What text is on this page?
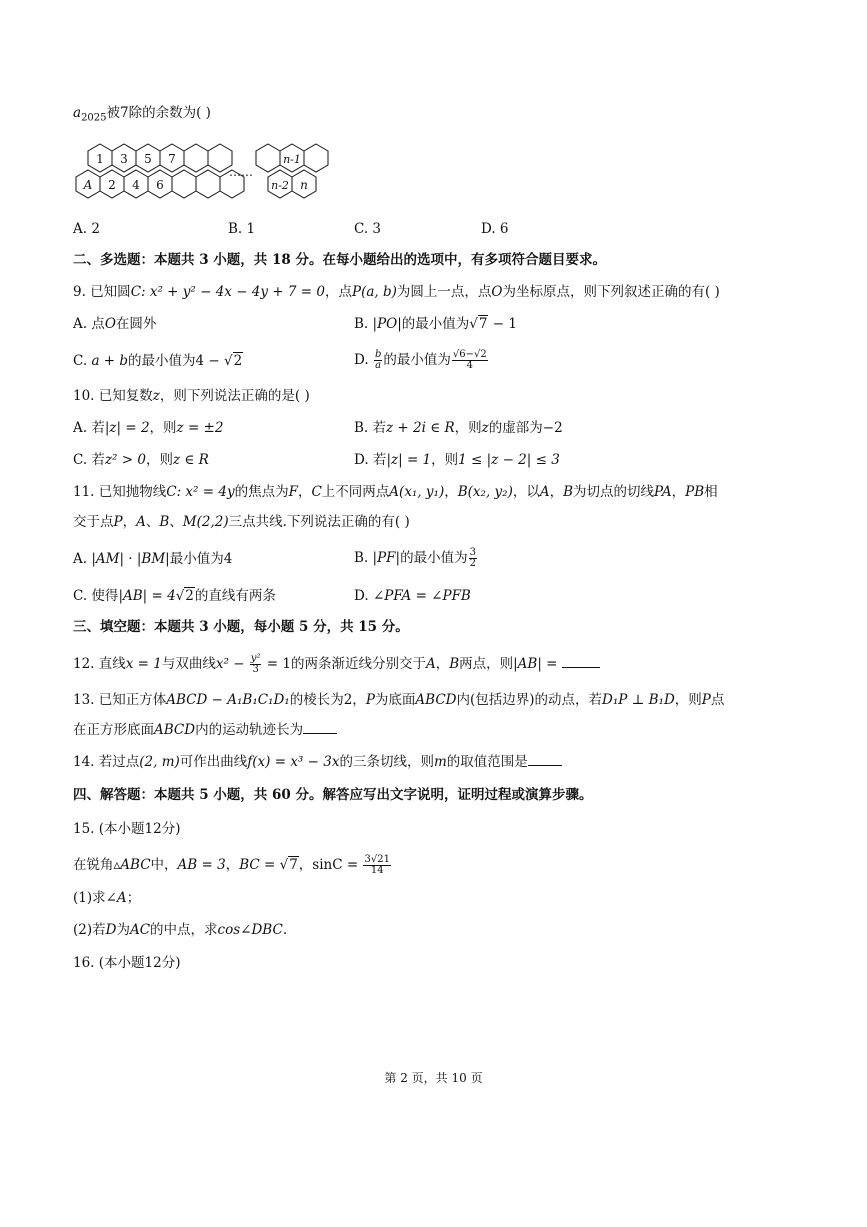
$a_{2025}$被7除的余数为( )
1 3 5 7
A 2 4 6
……
n-1
n-2 n
A. 2	B. 1	C. 3	D. 6
二、多选题：本题共 3 小题，共 18 分。在每小题给出的选项中，有多项符合题目要求。
9. 已知圆C: x² + y² − 4x − 4y + 7 = 0，点P(a, b)为圆上一点，点O为坐标原点，则下列叙述正确的有( )
A. 点O在圆外	B. |PO|的最小值为√7 − 1
C. a + b的最小值为4 − √2	D. $\frac{b}{a}$ 的最小值为 $\frac{√6-√2}{4}$
10. 已知复数z，则下列说法正确的是( )
A. 若|z| = 2，则z = ±2	B. 若z + 2i ∈ R，则z的虚部为−2
C. 若z² > 0，则z ∈ R	D. 若|z| = 1，则1 ≤ |z − 2| ≤ 3
11. 已知抛物线C: x² = 4y的焦点为F，C上不同两点A(x₁, y₁)，B(x₂, y₂)，以A，B为切点的切线PA，PB相
交于点P，A、B、M(2,2)三点共线.下列说法正确的有( )
A. |AM| · |BM|最小值为4	B. |PF|的最小值为 $\frac{3}{2}$
C. 使得|AB| = 4√2的直线有两条	D. ∠PFA = ∠PFB
三、填空题：本题共 3 小题，每小题 5 分，共 15 分。
12. 直线x = 1与双曲线$x^2 - \frac{\text{y²}}{3} = 1$的两条渐近线分别交于A，B两点，则|AB| =
13. 已知正方体ABCD − A₁B₁C₁D₁的棱长为2，P为底面ABCD内(包括边界)的动点，若D₁P ⊥ B₁D，则P点
在正方形底面ABCD内的运动轨迹长为
14. 若过点(2, m)可作出曲线f(x) = x³ − 3x的三条切线，则m的取值范围是
四、解答题：本题共 5 小题，共 60 分。解答应写出文字说明，证明过程或演算步骤。
15. (本小题12分)
在锐角▵ABC中，AB = 3，BC = √7，$\sin C = \frac{3√21}{14}$
(1)求∠A；
(2)若D为AC的中点，求cos∠DBC.
16. (本小题12分)
第 2 页，共 10 页
